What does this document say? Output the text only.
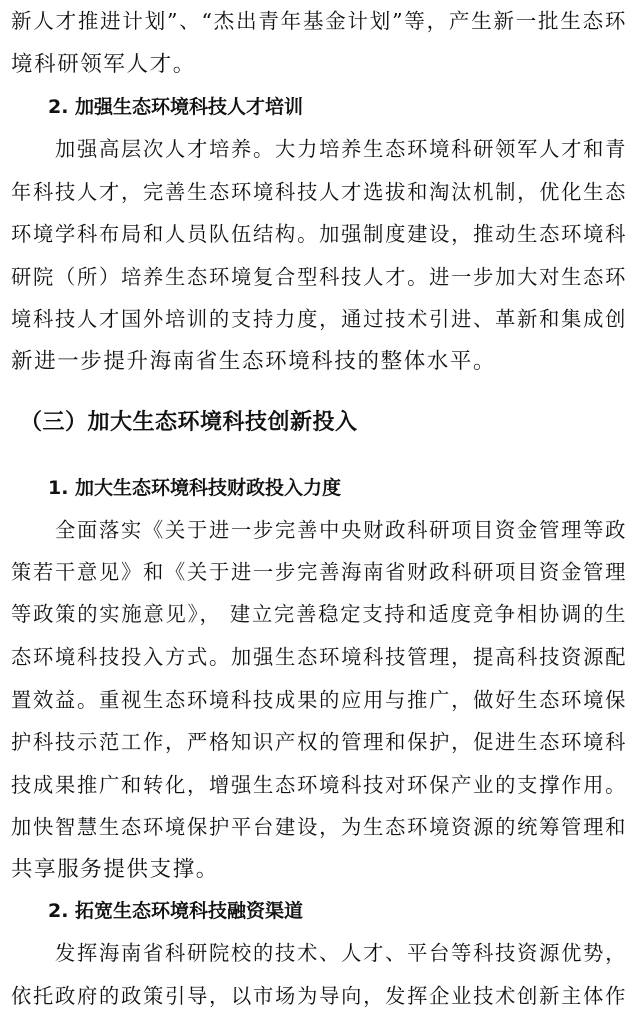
新人才推进计划”、“杰出青年基金计划”等，产生新一批生态环
境科研领军人才。
2. 加强生态环境科技人才培训
加强高层次人才培养。大力培养生态环境科研领军人才和青
年科技人才，完善生态环境科技人才选拔和淘汰机制，优化生态
环境学科布局和人员队伍结构。加强制度建设，推动生态环境科
研院（所）培养生态环境复合型科技人才。进一步加大对生态环
境科技人才国外培训的支持力度，通过技术引进、革新和集成创
新进一步提升海南省生态环境科技的整体水平。
（三）加大生态环境科技创新投入
1. 加大生态环境科技财政投入力度
全面落实《关于进一步完善中央财政科研项目资金管理等政
策若干意见》和《关于进一步完善海南省财政科研项目资金管理
等政策的实施意见》， 建立完善稳定支持和适度竞争相协调的生
态环境科技投入方式。加强生态环境科技管理，提高科技资源配
置效益。重视生态环境科技成果的应用与推广，做好生态环境保
护科技示范工作，严格知识产权的管理和保护，促进生态环境科
技成果推广和转化，增强生态环境科技对环保产业的支撑作用。
加快智慧生态环境保护平台建设，为生态环境资源的统筹管理和
共享服务提供支撑。
2. 拓宽生态环境科技融资渠道
发挥海南省科研院校的技术、人才、平台等科技资源优势，
依托政府的政策引导，以市场为导向，发挥企业技术创新主体作
